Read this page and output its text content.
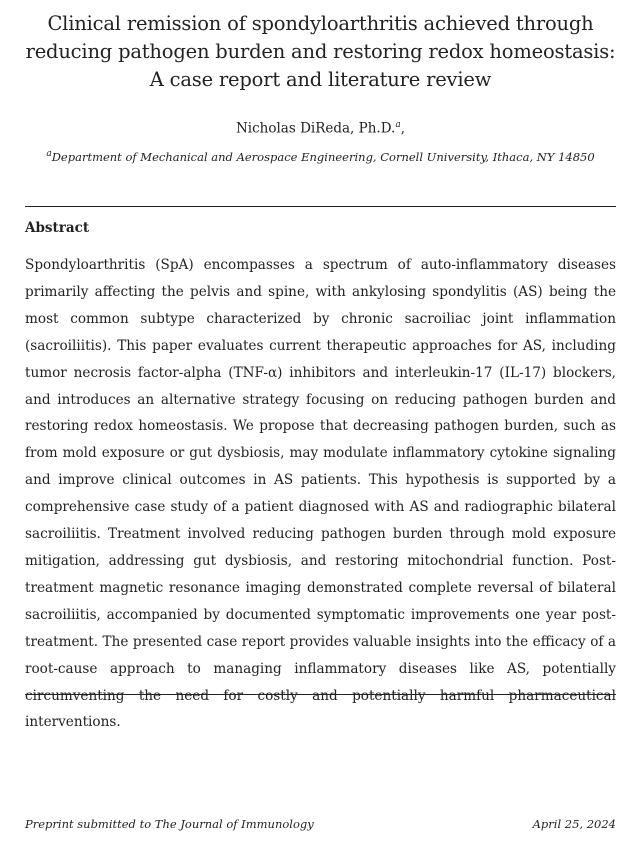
Clinical remission of spondyloarthritis achieved through reducing pathogen burden and restoring redox homeostasis: A case report and literature review
Nicholas DiReda, Ph.D.$^a$,
$^a$Department of Mechanical and Aerospace Engineering, Cornell University, Ithaca, NY 14850
Abstract
Spondyloarthritis (SpA) encompasses a spectrum of auto-inflammatory diseases primarily affecting the pelvis and spine, with ankylosing spondylitis (AS) being the most common subtype characterized by chronic sacroiliac joint inflammation (sacroiliitis). This paper evaluates current therapeutic approaches for AS, including tumor necrosis factor-alpha (TNF-α) inhibitors and interleukin-17 (IL-17) blockers, and introduces an alternative strategy focusing on reducing pathogen burden and restoring redox homeostasis. We propose that decreasing pathogen burden, such as from mold exposure or gut dysbiosis, may modulate inflammatory cytokine signaling and improve clinical outcomes in AS patients. This hypothesis is supported by a comprehensive case study of a patient diagnosed with AS and radiographic bilateral sacroiliitis. Treatment involved reducing pathogen burden through mold exposure mitigation, addressing gut dysbiosis, and restoring mitochondrial function. Post-treatment magnetic resonance imaging demonstrated complete reversal of bilateral sacroiliitis, accompanied by documented symptomatic improvements one year post-treatment. The presented case report provides valuable insights into the efficacy of a root-cause approach to managing inflammatory diseases like AS, potentially circumventing the need for costly and potentially harmful pharmaceutical interventions.
Preprint submitted to The Journal of Immunology	April 25, 2024
